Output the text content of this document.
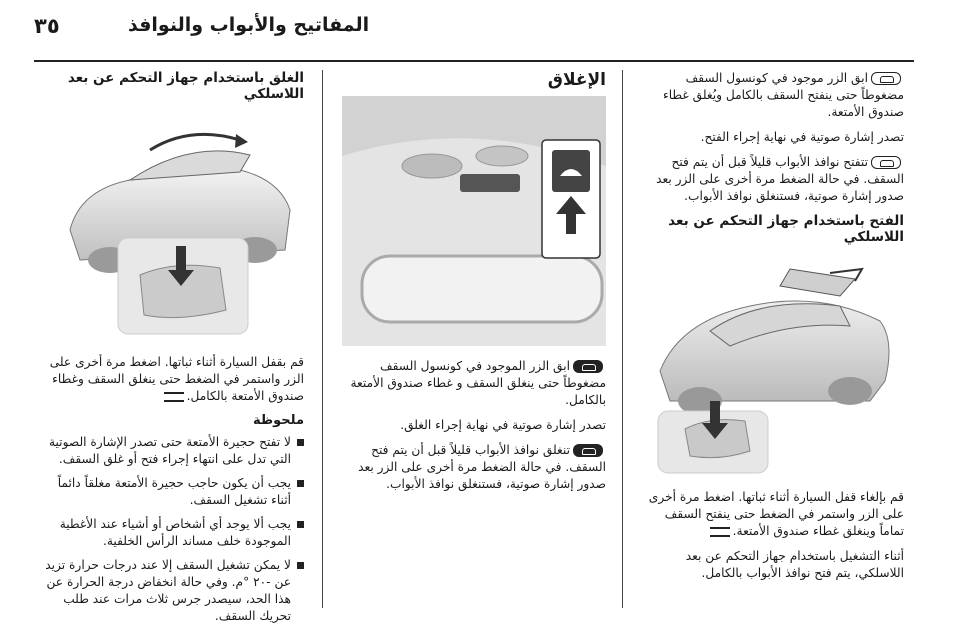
٣٥	المفاتيح والأبواب والنوافذ

ابق الزر موجود في كونسول السقف مضغوطاً حتى ينفتح السقف بالكامل ويُغلق غطاء صندوق الأمتعة.

تصدر إشارة صوتية في نهاية إجراء الفتح.

تتفتح نوافذ الأبواب قليلاً قبل أن يتم فتح السقف. في حالة الضغط مرة أخرى على الزر بعد صدور إشارة صوتية، فستنغلق نوافذ الأبواب.

الفتح باستخدام جهاز التحكم عن بعد اللاسلكي

قم بإلغاء قفل السيارة أثناء ثباتها. اضغط مرة أخرى على الزر واستمر في الضغط حتى ينفتح السقف تماماً وينغلق غطاء صندوق الأمتعة.

أثناء التشغيل باستخدام جهاز التحكم عن بعد اللاسلكي، يتم فتح نوافذ الأبواب بالكامل.

الإغلاق

ابق الزر الموجود في كونسول السقف مضغوطاً حتى ينغلق السقف و غطاء صندوق الأمتعة بالكامل.

تصدر إشارة صوتية في نهاية إجراء الغلق.

تنغلق نوافذ الأبواب قليلاً قبل أن يتم فتح السقف. في حالة الضغط مرة أخرى على الزر بعد صدور إشارة صوتية، فستنغلق نوافذ الأبواب.

الغلق باستخدام جهاز التحكم عن بعد اللاسلكي

قم بقفل السيارة أثناء ثباتها. اضغط مرة أخرى على الزر واستمر في الضغط حتى ينغلق السقف وغطاء صندوق الأمتعة بالكامل.

ملحوظة

لا تفتح حجيرة الأمتعة حتى تصدر الإشارة الصوتية التي تدل على انتهاء إجراء فتح أو غلق السقف.

يجب أن يكون حاجب حجيرة الأمتعة مغلقاً دائماً أثناء تشغيل السقف.

يجب ألا يوجد أي أشخاص أو أشياء عند الأغطية الموجودة خلف مساند الرأس الخلفية.

لا يمكن تشغيل السقف إلا عند درجات حرارة تزيد عن -٢٠ °م. وفي حالة انخفاض درجة الحرارة عن هذا الحد، سيصدر جرس ثلاث مرات عند طلب تحريك السقف.
